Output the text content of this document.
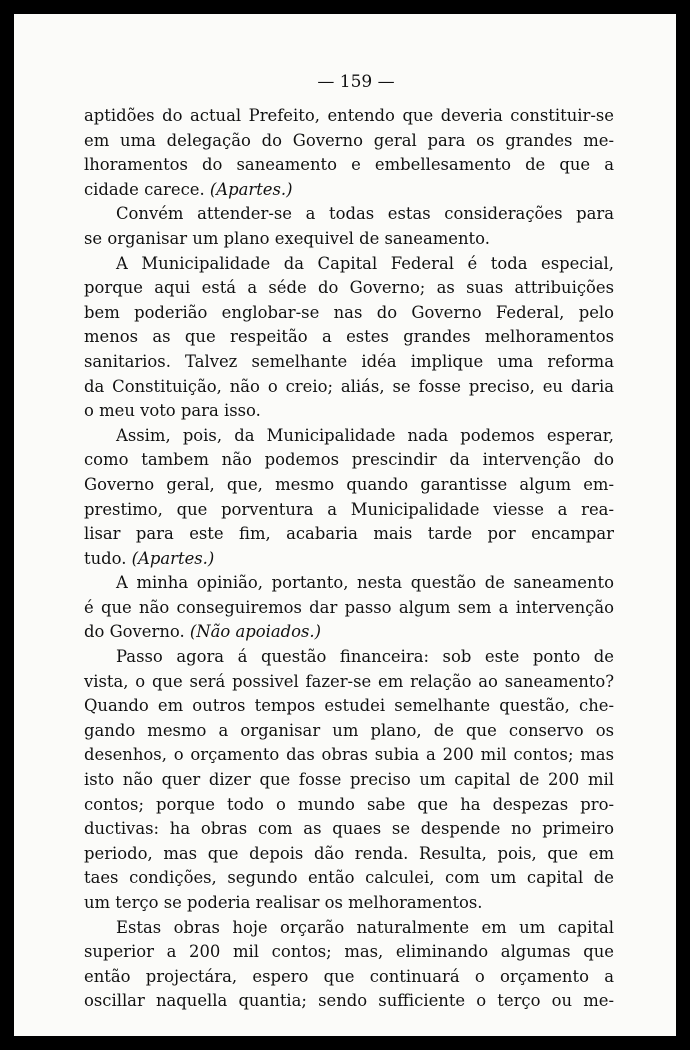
— 159 —
aptidões do actual Prefeito, entendo que deveria constituir-se
em uma delegação do Governo geral para os grandes me-
lhoramentos do saneamento e embellesamento de que a
cidade carece. (Apartes.)
Convém attender-se a todas estas considerações para
se organisar um plano exequivel de saneamento.
A Municipalidade da Capital Federal é toda especial,
porque aqui está a séde do Governo; as suas attribuições
bem poderião englobar-se nas do Governo Federal, pelo
menos as que respeitão a estes grandes melhoramentos
sanitarios. Talvez semelhante idéa implique uma reforma
da Constituição, não o creio; aliás, se fosse preciso, eu daria
o meu voto para isso.
Assim, pois, da Municipalidade nada podemos esperar,
como tambem não podemos prescindir da intervenção do
Governo geral, que, mesmo quando garantisse algum em-
prestimo, que porventura a Municipalidade viesse a rea-
lisar para este fim, acabaria mais tarde por encampar
tudo. (Apartes.)
A minha opinião, portanto, nesta questão de saneamento
é que não conseguiremos dar passo algum sem a intervenção
do Governo. (Não apoiados.)
Passo agora á questão financeira: sob este ponto de
vista, o que será possivel fazer-se em relação ao saneamento?
Quando em outros tempos estudei semelhante questão, che-
gando mesmo a organisar um plano, de que conservo os
desenhos, o orçamento das obras subia a 200 mil contos; mas
isto não quer dizer que fosse preciso um capital de 200 mil
contos; porque todo o mundo sabe que ha despezas pro-
ductivas: ha obras com as quaes se despende no primeiro
periodo, mas que depois dão renda. Resulta, pois, que em
taes condições, segundo então calculei, com um capital de
um terço se poderia realisar os melhoramentos.
Estas obras hoje orçarão naturalmente em um capital
superior a 200 mil contos; mas, eliminando algumas que
então projectára, espero que continuará o orçamento a
oscillar naquella quantia; sendo sufficiente o terço ou me-
